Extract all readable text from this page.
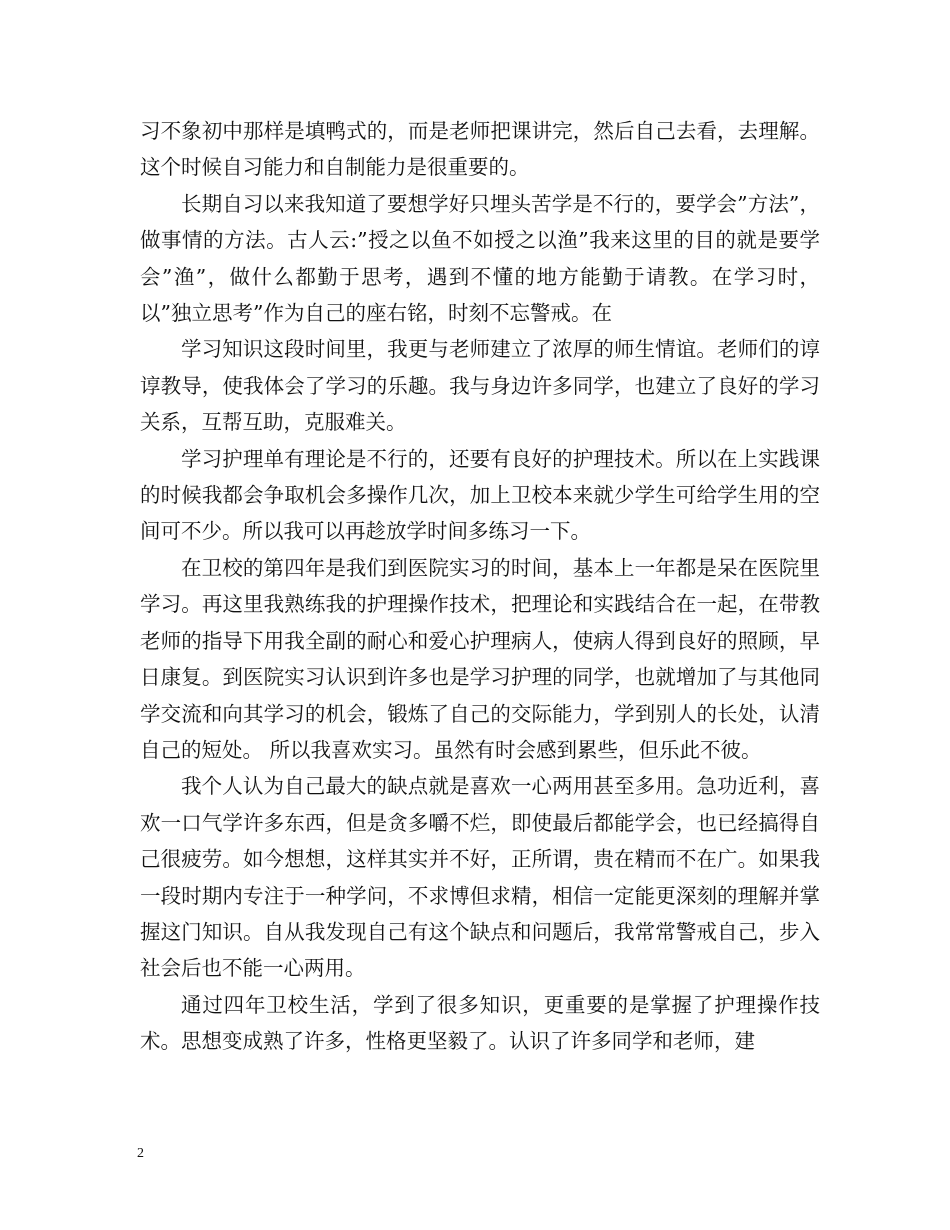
习不象初中那样是填鸭式的，而是老师把课讲完，然后自己去看，去理解。这个时候自习能力和自制能力是很重要的。

长期自习以来我知道了要想学好只埋头苦学是不行的，要学会”方法”，做事情的方法。古人云:”授之以鱼不如授之以渔”我来这里的目的就是要学会”渔”，做什么都勤于思考，遇到不懂的地方能勤于请教。在学习时，以”独立思考”作为自己的座右铭，时刻不忘警戒。在

学习知识这段时间里，我更与老师建立了浓厚的师生情谊。老师们的谆谆教导，使我体会了学习的乐趣。我与身边许多同学，也建立了良好的学习关系，互帮互助，克服难关。

学习护理单有理论是不行的，还要有良好的护理技术。所以在上实践课的时候我都会争取机会多操作几次，加上卫校本来就少学生可给学生用的空间可不少。所以我可以再趁放学时间多练习一下。

在卫校的第四年是我们到医院实习的时间，基本上一年都是呆在医院里学习。再这里我熟练我的护理操作技术，把理论和实践结合在一起，在带教老师的指导下用我全副的耐心和爱心护理病人，使病人得到良好的照顾，早日康复。到医院实习认识到许多也是学习护理的同学，也就增加了与其他同学交流和向其学习的机会，锻炼了自己的交际能力，学到别人的长处，认清自己的短处。 所以我喜欢实习。虽然有时会感到累些，但乐此不彼。

我个人认为自己最大的缺点就是喜欢一心两用甚至多用。急功近利，喜欢一口气学许多东西，但是贪多嚼不烂，即使最后都能学会，也已经搞得自己很疲劳。如今想想，这样其实并不好，正所谓，贵在精而不在广。如果我一段时期内专注于一种学问，不求博但求精，相信一定能更深刻的理解并掌握这门知识。自从我发现自己有这个缺点和问题后，我常常警戒自己，步入社会后也不能一心两用。

通过四年卫校生活，学到了很多知识，更重要的是掌握了护理操作技术。思想变成熟了许多，性格更坚毅了。认识了许多同学和老师，建

2
